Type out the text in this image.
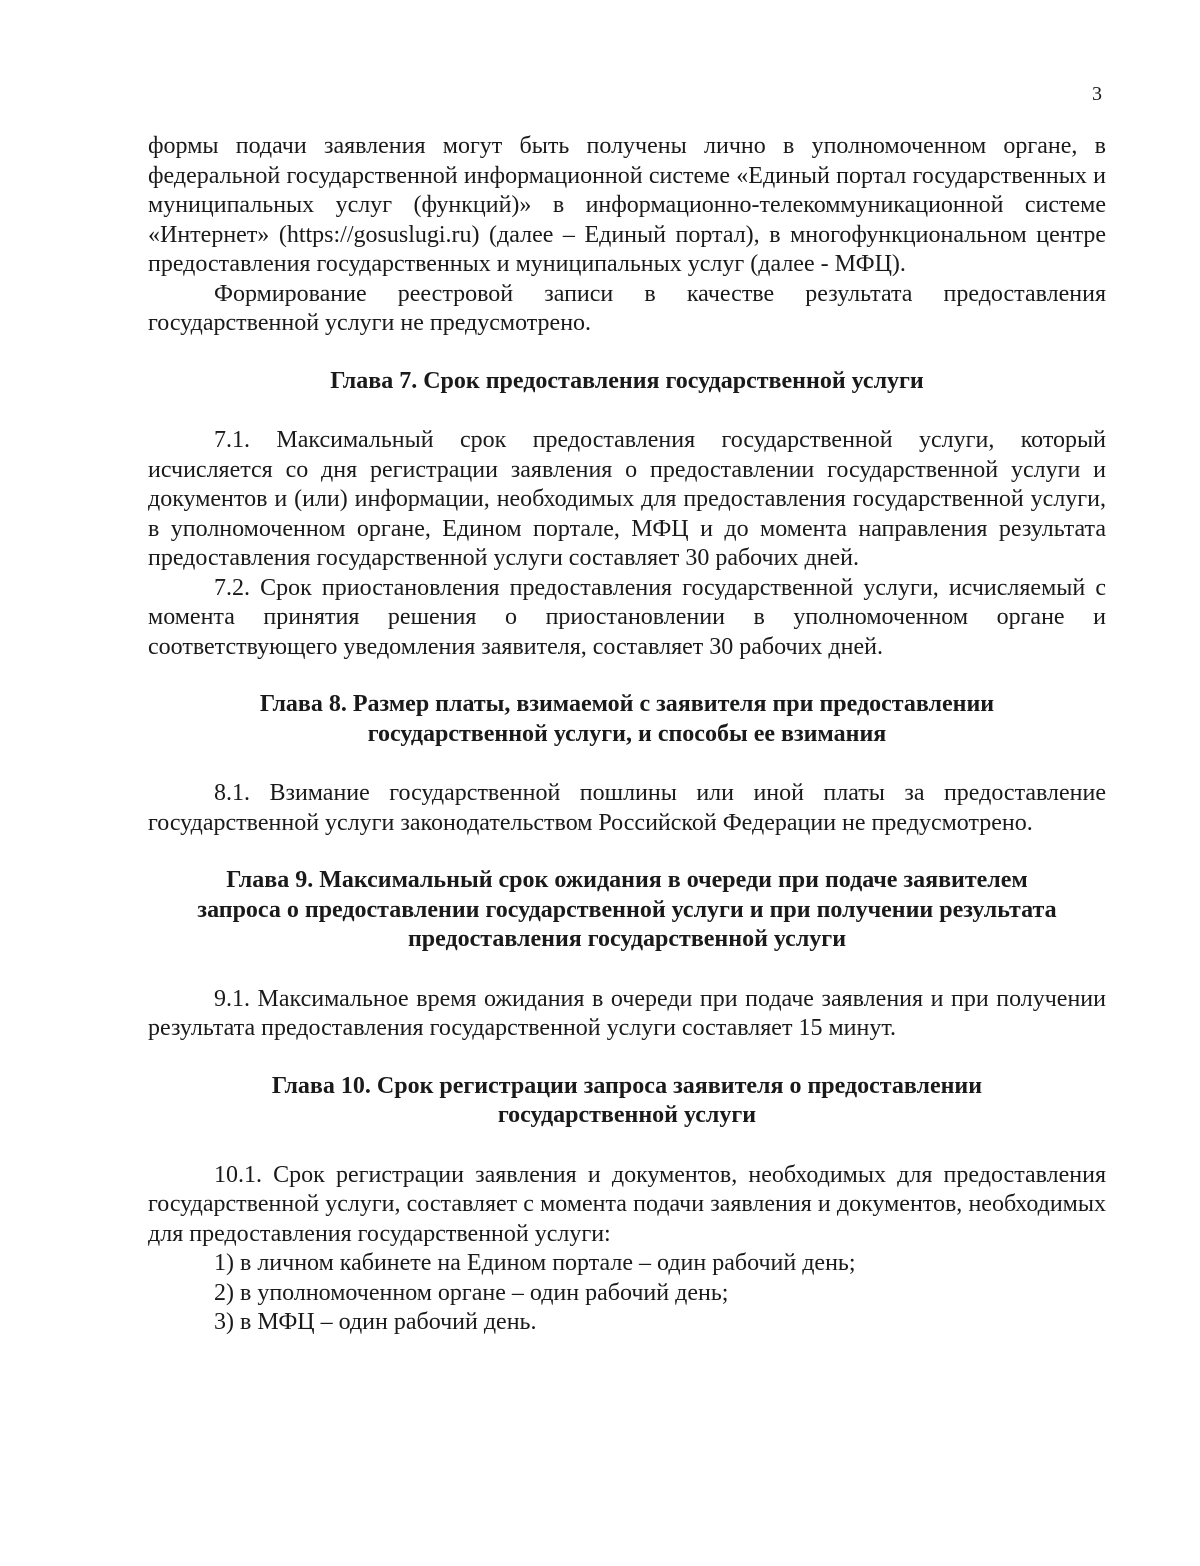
3

формы подачи заявления могут быть получены лично в уполномоченном органе, в федеральной государственной информационной системе «Единый портал государственных и муниципальных услуг (функций)» в информационно-телекоммуникационной системе «Интернет» (https://gosuslugi.ru) (далее – Единый портал), в многофункциональном центре предоставления государственных и муниципальных услуг (далее - МФЦ).

Формирование реестровой записи в качестве результата предоставления государственной услуги не предусмотрено.

Глава 7. Срок предоставления государственной услуги

7.1. Максимальный срок предоставления государственной услуги, который исчисляется со дня регистрации заявления о предоставлении государственной услуги и документов и (или) информации, необходимых для предоставления государственной услуги, в уполномоченном органе, Едином портале, МФЦ и до момента направления результата предоставления государственной услуги составляет 30 рабочих дней.

7.2. Срок приостановления предоставления государственной услуги, исчисляемый с момента принятия решения о приостановлении в уполномоченном органе и соответствующего уведомления заявителя, составляет 30 рабочих дней.

Глава 8. Размер платы, взимаемой с заявителя при предоставлении
государственной услуги, и способы ее взимания

8.1. Взимание государственной пошлины или иной платы за предоставление государственной услуги законодательством Российской Федерации не предусмотрено.

Глава 9. Максимальный срок ожидания в очереди при подаче заявителем
запроса о предоставлении государственной услуги и при получении результата
предоставления государственной услуги

9.1. Максимальное время ожидания в очереди при подаче заявления и при получении результата предоставления государственной услуги составляет 15 минут.

Глава 10. Срок регистрации запроса заявителя о предоставлении
государственной услуги

10.1. Срок регистрации заявления и документов, необходимых для предоставления государственной услуги, составляет с момента подачи заявления и документов, необходимых для предоставления государственной услуги:

1) в личном кабинете на Едином портале – один рабочий день;

2) в уполномоченном органе – один рабочий день;

3) в МФЦ – один рабочий день.
